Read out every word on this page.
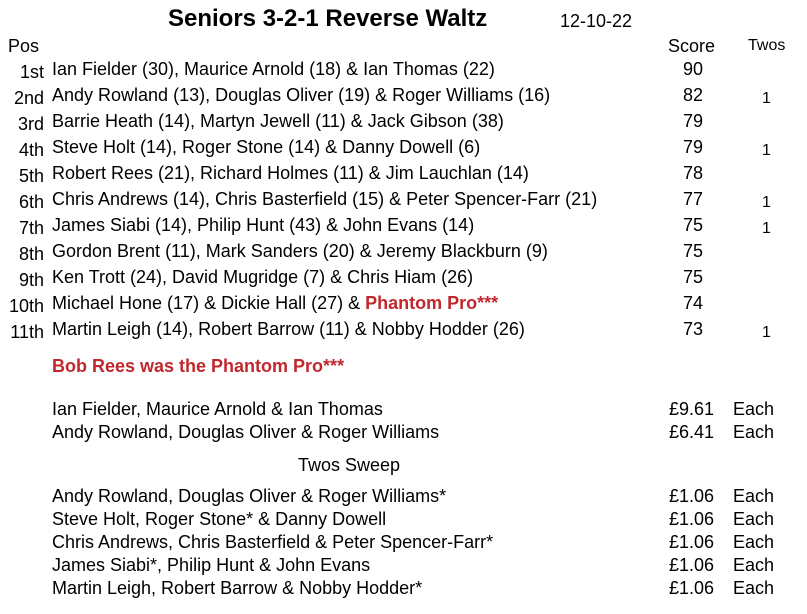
Seniors 3-2-1 Reverse Waltz	12-10-22
Pos	Score Twos
1st Ian Fielder (30), Maurice Arnold (18) & Ian Thomas (22)	90
2nd Andy Rowland (13), Douglas Oliver (19) & Roger Williams (16)	82	1
3rd Barrie Heath (14), Martyn Jewell (11) & Jack Gibson (38)	79
4th Steve Holt (14), Roger Stone (14) & Danny Dowell (6)	79	1
5th Robert Rees (21), Richard Holmes (11) & Jim Lauchlan (14)	78
6th Chris Andrews (14), Chris Basterfield (15) & Peter Spencer-Farr (21)	77	1
7th James Siabi (14), Philip Hunt (43) & John Evans (14)	75	1
8th Gordon Brent (11), Mark Sanders (20) & Jeremy Blackburn (9)	75
9th Ken Trott (24), David Mugridge (7) & Chris Hiam (26)	75
10th Michael Hone (17) & Dickie Hall (27) & Phantom Pro***	74
11th Martin Leigh (14), Robert Barrow (11) & Nobby Hodder (26)	73	1
Bob Rees was the Phantom Pro***
Ian Fielder, Maurice Arnold & Ian Thomas	£9.61 Each
Andy Rowland, Douglas Oliver & Roger Williams	£6.41 Each
Twos Sweep
Andy Rowland, Douglas Oliver & Roger Williams*	£1.06 Each
Steve Holt, Roger Stone* & Danny Dowell	£1.06 Each
Chris Andrews, Chris Basterfield & Peter Spencer-Farr*	£1.06 Each
James Siabi*, Philip Hunt & John Evans	£1.06 Each
Martin Leigh, Robert Barrow & Nobby Hodder*	£1.06 Each
